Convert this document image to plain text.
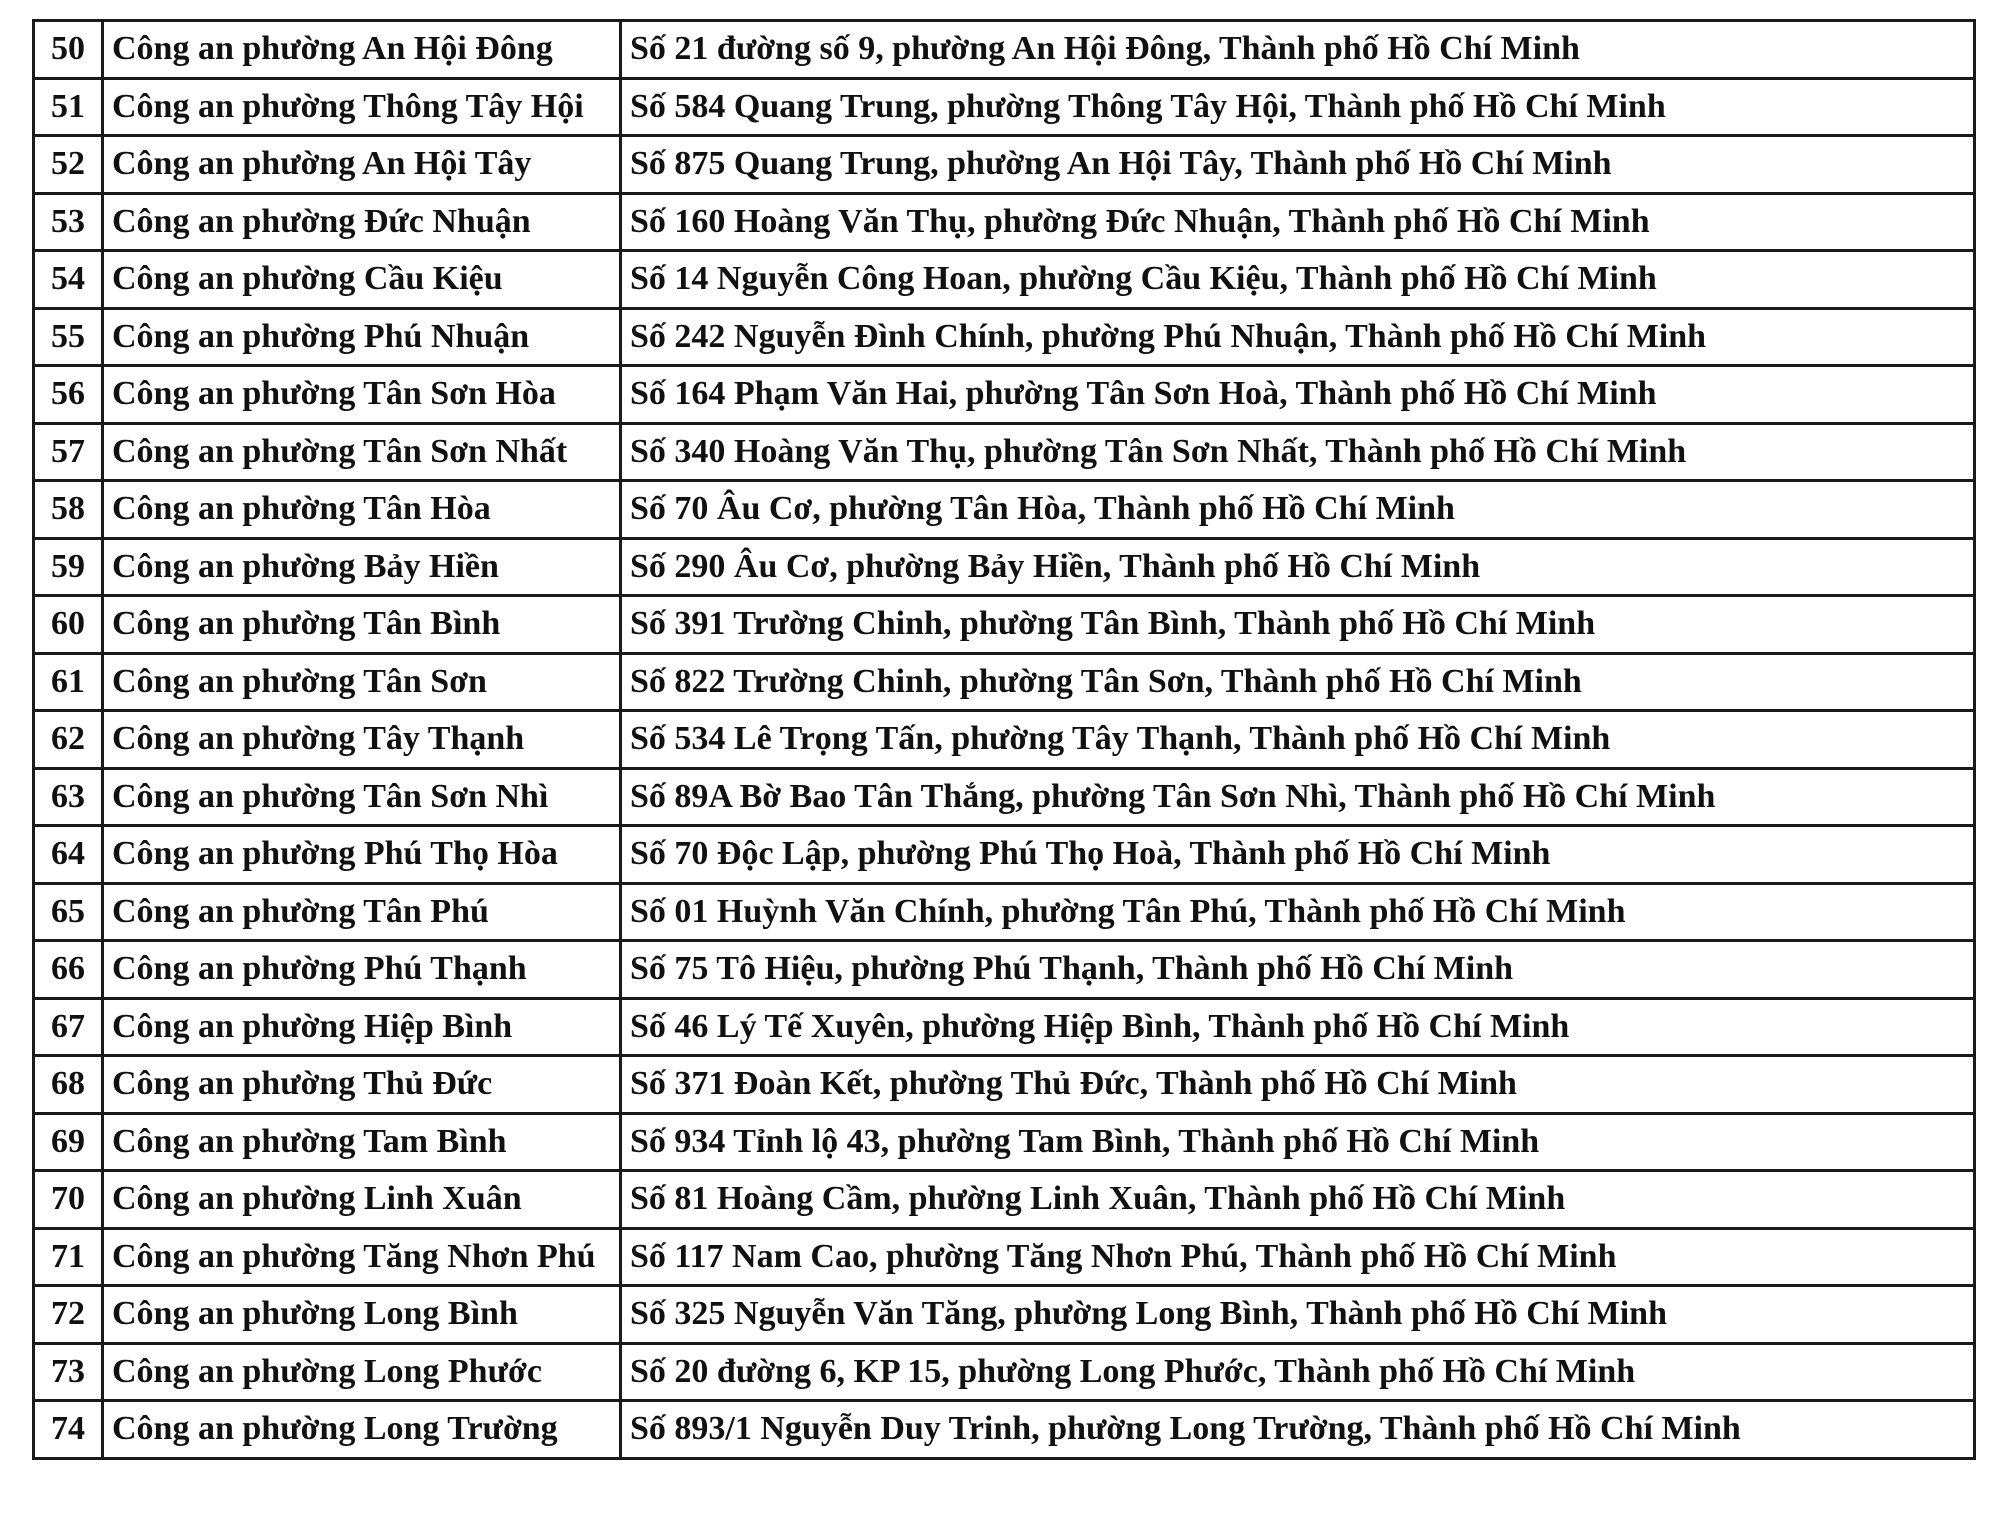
50	Công an phường An Hội Đông	Số 21 đường số 9, phường An Hội Đông, Thành phố Hồ Chí Minh
51	Công an phường Thông Tây Hội	Số 584 Quang Trung, phường Thông Tây Hội, Thành phố Hồ Chí Minh
52	Công an phường An Hội Tây	Số 875 Quang Trung, phường An Hội Tây, Thành phố Hồ Chí Minh
53	Công an phường Đức Nhuận	Số 160 Hoàng Văn Thụ, phường Đức Nhuận, Thành phố Hồ Chí Minh
54	Công an phường Cầu Kiệu	Số 14 Nguyễn Công Hoan, phường Cầu Kiệu, Thành phố Hồ Chí Minh
55	Công an phường Phú Nhuận	Số 242 Nguyễn Đình Chính, phường Phú Nhuận, Thành phố Hồ Chí Minh
56	Công an phường Tân Sơn Hòa	Số 164 Phạm Văn Hai, phường Tân Sơn Hoà, Thành phố Hồ Chí Minh
57	Công an phường Tân Sơn Nhất	Số 340 Hoàng Văn Thụ, phường Tân Sơn Nhất, Thành phố Hồ Chí Minh
58	Công an phường Tân Hòa	Số 70 Âu Cơ, phường Tân Hòa, Thành phố Hồ Chí Minh
59	Công an phường Bảy Hiền	Số 290 Âu Cơ, phường Bảy Hiền, Thành phố Hồ Chí Minh
60	Công an phường Tân Bình	Số 391 Trường Chinh, phường Tân Bình, Thành phố Hồ Chí Minh
61	Công an phường Tân Sơn	Số 822 Trường Chinh, phường Tân Sơn, Thành phố Hồ Chí Minh
62	Công an phường Tây Thạnh	Số 534 Lê Trọng Tấn, phường Tây Thạnh, Thành phố Hồ Chí Minh
63	Công an phường Tân Sơn Nhì	Số 89A Bờ Bao Tân Thắng, phường Tân Sơn Nhì, Thành phố Hồ Chí Minh
64	Công an phường Phú Thọ Hòa	Số 70 Độc Lập, phường Phú Thọ Hoà, Thành phố Hồ Chí Minh
65	Công an phường Tân Phú	Số 01 Huỳnh Văn Chính, phường Tân Phú, Thành phố Hồ Chí Minh
66	Công an phường Phú Thạnh	Số 75 Tô Hiệu, phường Phú Thạnh, Thành phố Hồ Chí Minh
67	Công an phường Hiệp Bình	Số 46 Lý Tế Xuyên, phường Hiệp Bình, Thành phố Hồ Chí Minh
68	Công an phường Thủ Đức	Số 371 Đoàn Kết, phường Thủ Đức, Thành phố Hồ Chí Minh
69	Công an phường Tam Bình	Số 934 Tỉnh lộ 43, phường Tam Bình, Thành phố Hồ Chí Minh
70	Công an phường Linh Xuân	Số 81 Hoàng Cầm, phường Linh Xuân, Thành phố Hồ Chí Minh
71	Công an phường Tăng Nhơn Phú	Số 117 Nam Cao, phường Tăng Nhơn Phú, Thành phố Hồ Chí Minh
72	Công an phường Long Bình	Số 325 Nguyễn Văn Tăng, phường Long Bình, Thành phố Hồ Chí Minh
73	Công an phường Long Phước	Số 20 đường 6, KP 15, phường Long Phước, Thành phố Hồ Chí Minh
74	Công an phường Long Trường	Số 893/1 Nguyễn Duy Trinh, phường Long Trường, Thành phố Hồ Chí Minh
